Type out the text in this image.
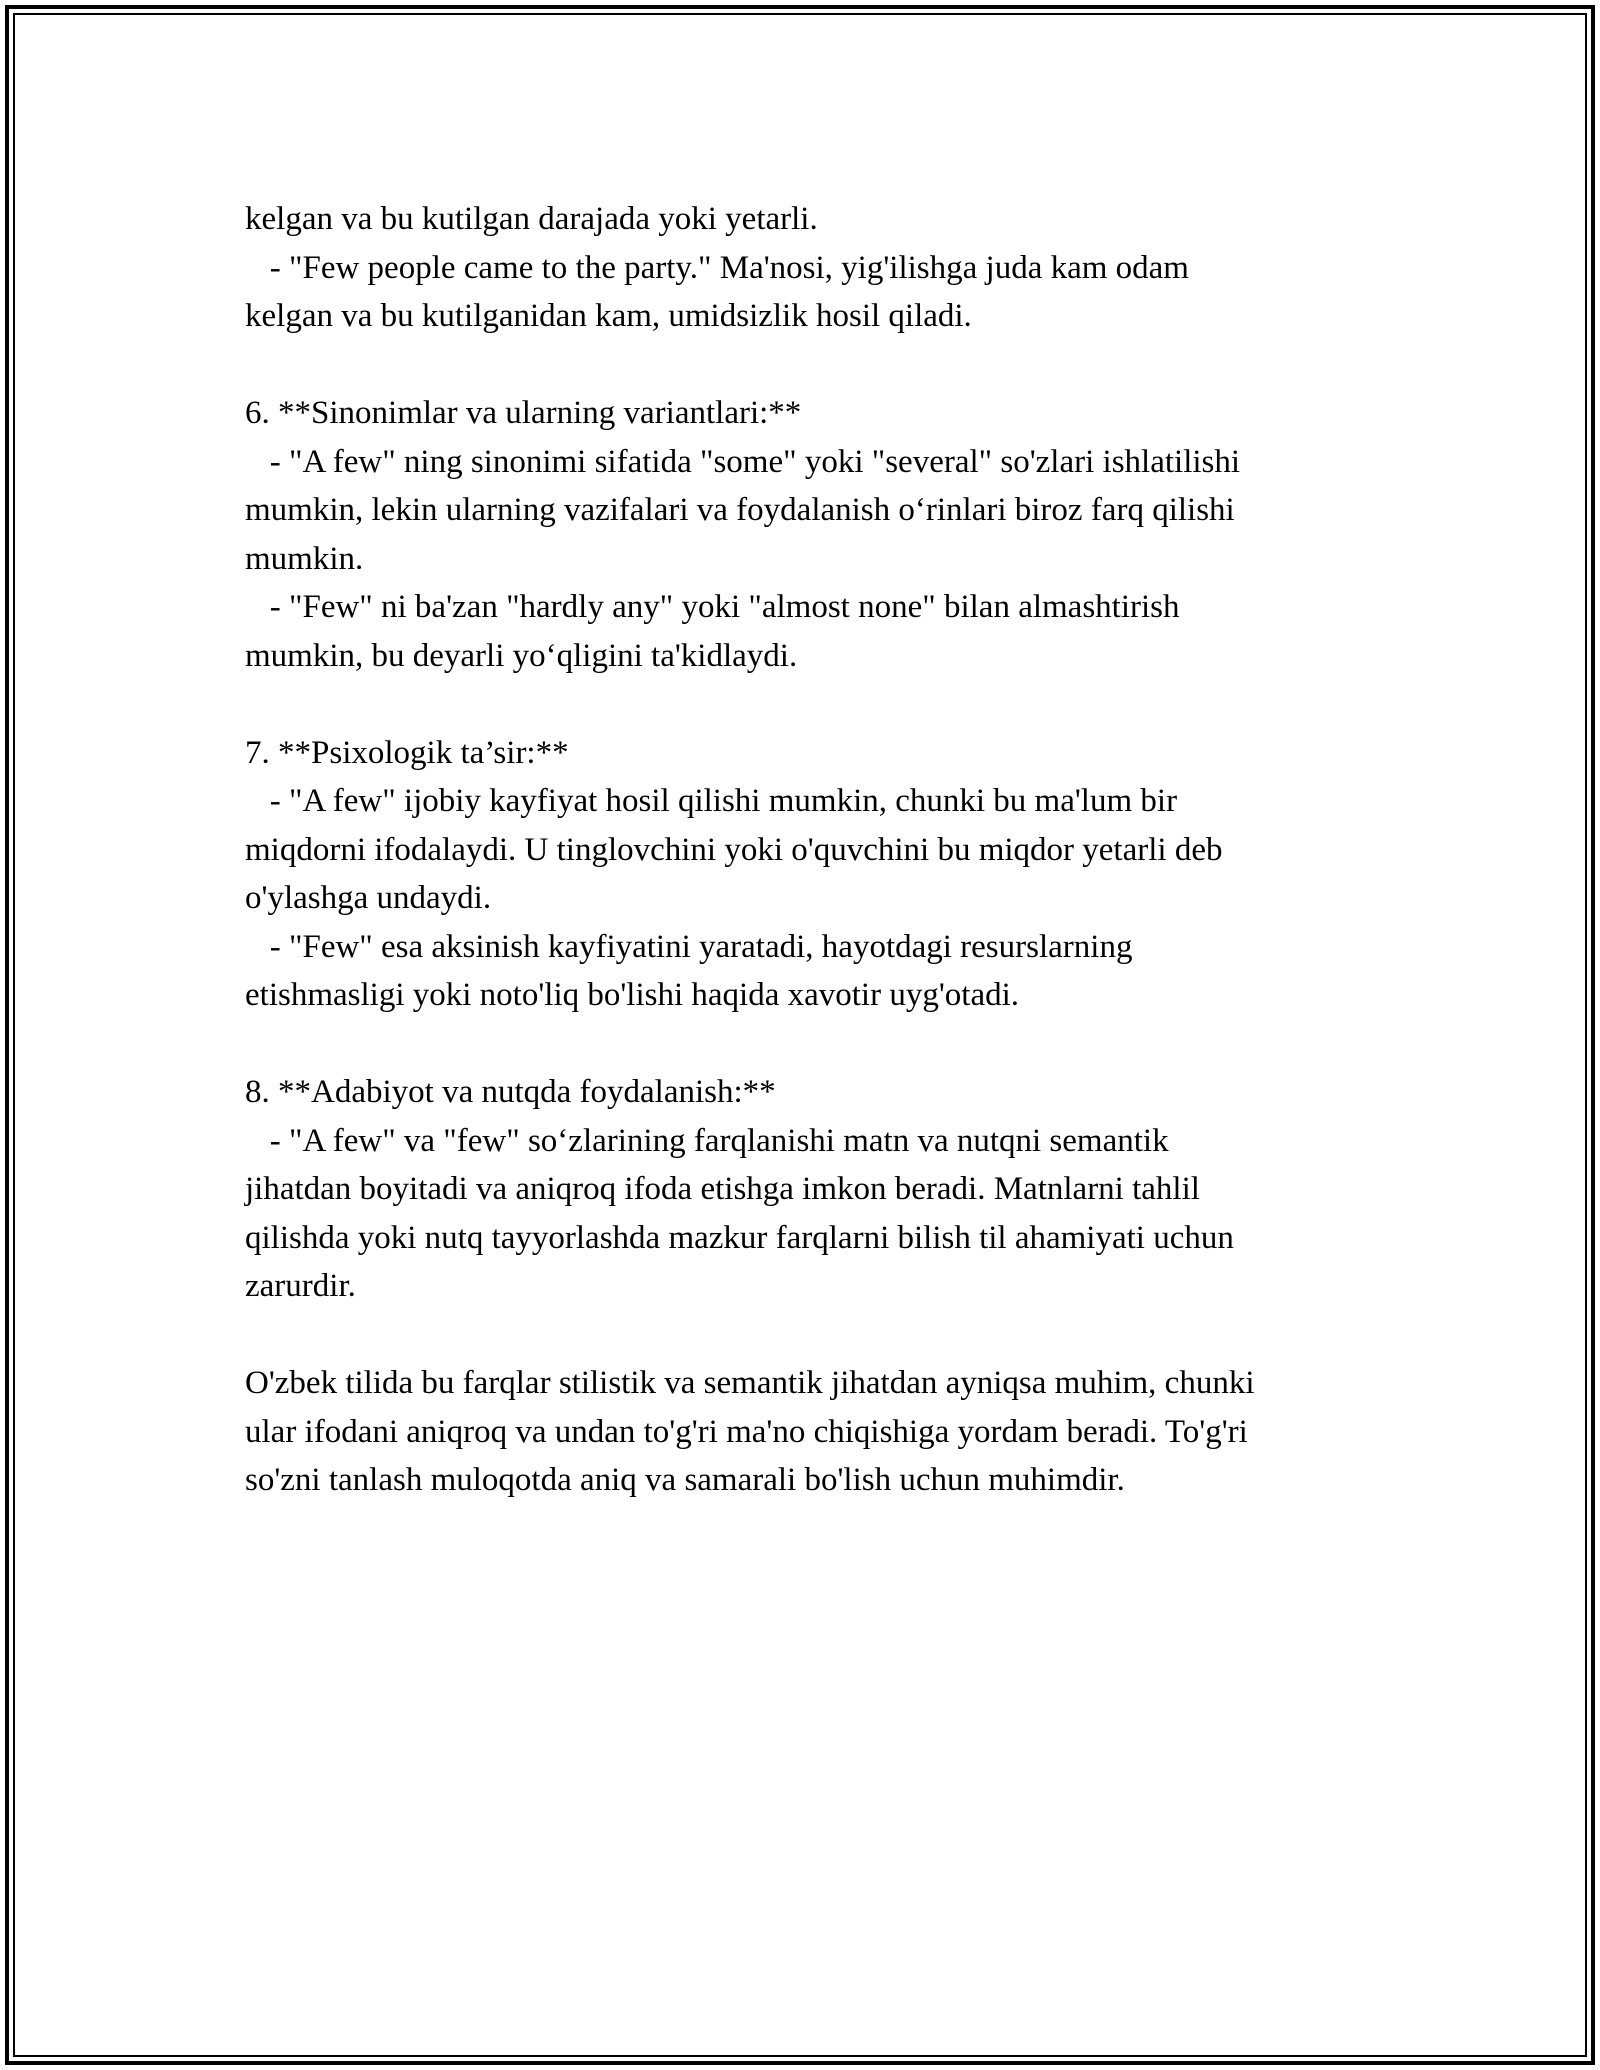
kelgan va bu kutilgan darajada yoki yetarli.
- "Few people came to the party." Ma'nosi, yig'ilishga juda kam odam
kelgan va bu kutilganidan kam, umidsizlik hosil qiladi.
6. **Sinonimlar va ularning variantlari:**
- "A few" ning sinonimi sifatida "some" yoki "several" so'zlari ishlatilishi
mumkin, lekin ularning vazifalari va foydalanish o‘rinlari biroz farq qilishi
mumkin.
- "Few" ni ba'zan "hardly any" yoki "almost none" bilan almashtirish
mumkin, bu deyarli yo‘qligini ta'kidlaydi.
7. **Psixologik ta’sir:**
- "A few" ijobiy kayfiyat hosil qilishi mumkin, chunki bu ma'lum bir
miqdorni ifodalaydi. U tinglovchini yoki o'quvchini bu miqdor yetarli deb
o'ylashga undaydi.
- "Few" esa aksinish kayfiyatini yaratadi, hayotdagi resurslarning
etishmasligi yoki noto'liq bo'lishi haqida xavotir uyg'otadi.
8. **Adabiyot va nutqda foydalanish:**
- "A few" va "few" so‘zlarining farqlanishi matn va nutqni semantik
jihatdan boyitadi va aniqroq ifoda etishga imkon beradi. Matnlarni tahlil
qilishda yoki nutq tayyorlashda mazkur farqlarni bilish til ahamiyati uchun
zarurdir.
O'zbek tilida bu farqlar stilistik va semantik jihatdan ayniqsa muhim, chunki
ular ifodani aniqroq va undan to'g'ri ma'no chiqishiga yordam beradi. To'g'ri
so'zni tanlash muloqotda aniq va samarali bo'lish uchun muhimdir.
